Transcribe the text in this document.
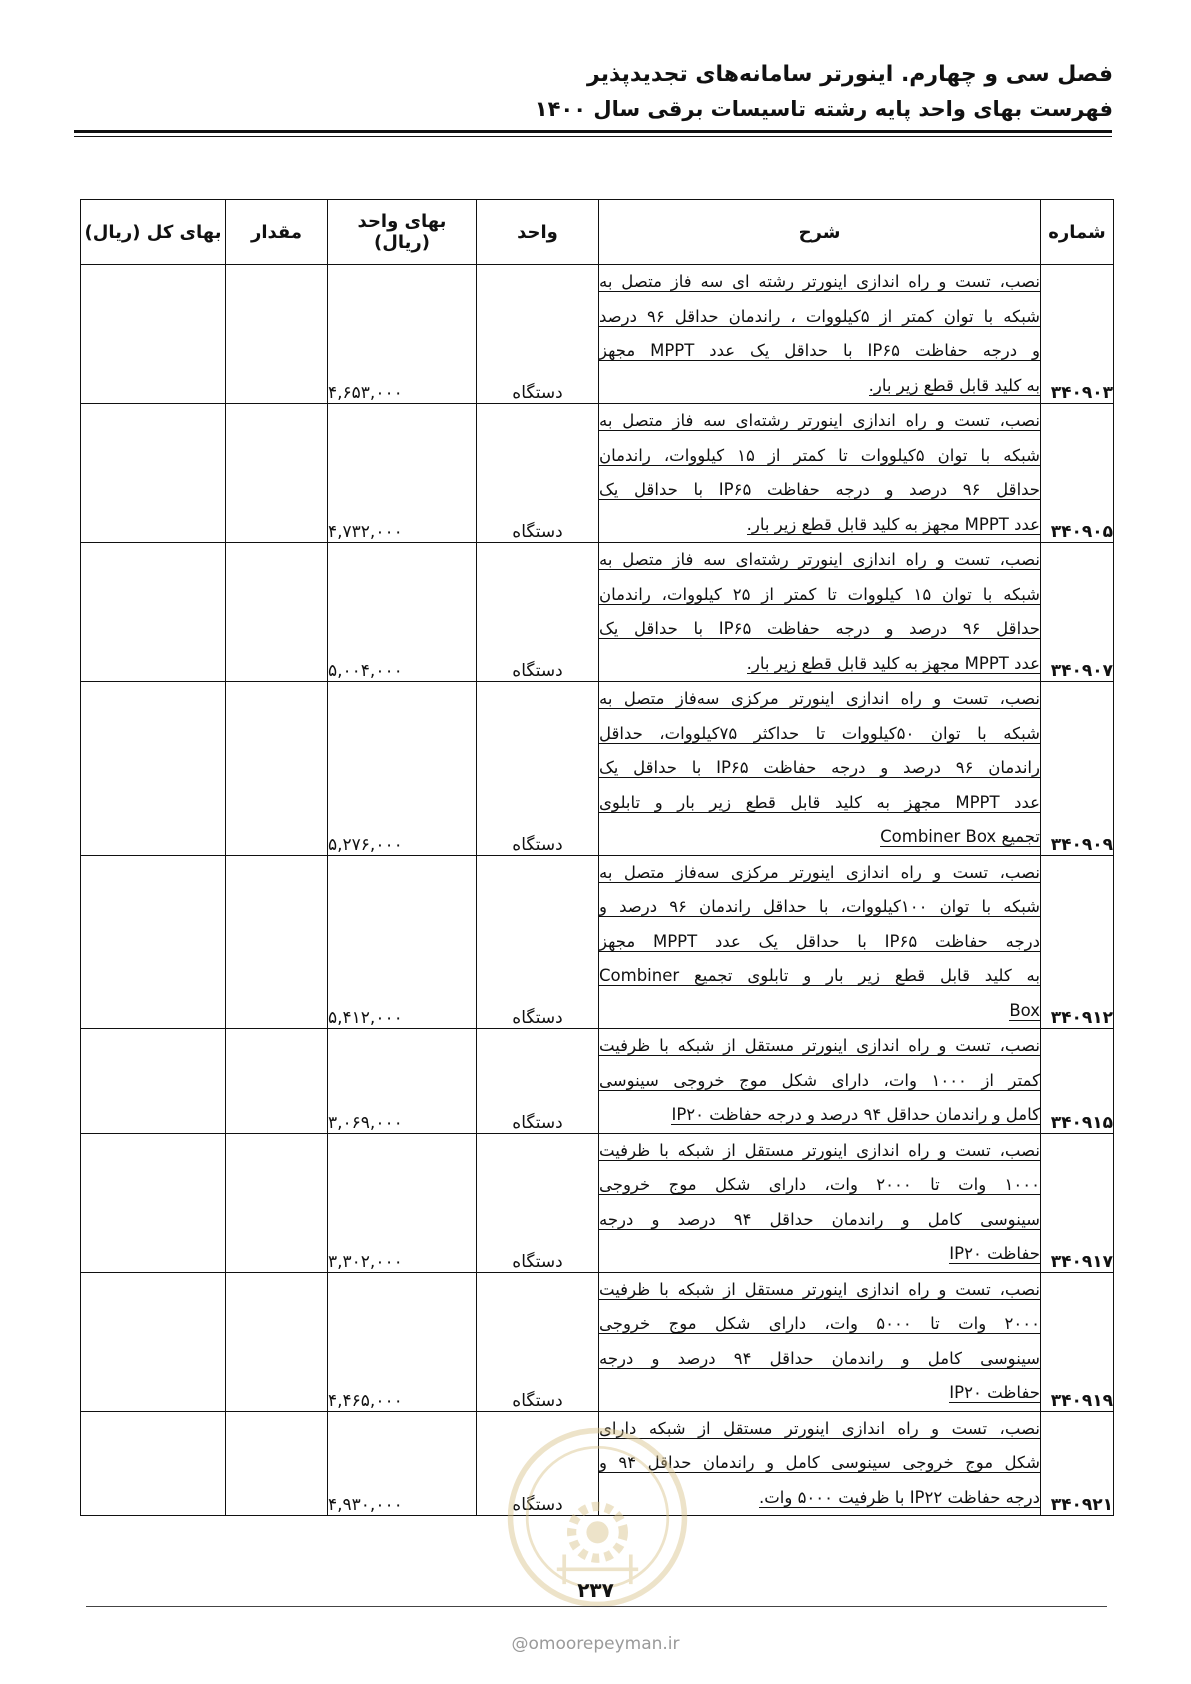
فصل سی و چهارم. اینورتر سامانه‌های تجدیدپذیر
فهرست بهای واحد پایه رشته تاسیسات برقی سال ۱۴۰۰
شماره	شرح	واحد	بهای واحد (ریال)	مقدار	بهای کل (ریال)
۳۴۰۹۰۳	نصب، تست و راه اندازی اینورتر رشته ای سه فاز متصل به
شبکه با توان کمتر از ۵کیلووات ، راندمان حداقل ۹۶ درصد
و درجه حفاظت IP۶۵ با حداقل یک عدد MPPT مجهز
به کلید قابل قطع زیر بار.	دستگاه	۴,۶۵۳,۰۰۰		
۳۴۰۹۰۵	نصب، تست و راه اندازی اینورتر رشته‌ای سه فاز متصل به
شبکه با توان ۵کیلووات تا کمتر از ۱۵ کیلووات، راندمان
حداقل ۹۶ درصد و درجه حفاظت IP۶۵ با حداقل یک
عدد MPPT مجهز به کلید قابل قطع زیر بار.	دستگاه	۴,۷۳۲,۰۰۰		
۳۴۰۹۰۷	نصب، تست و راه اندازی اینورتر رشته‌ای سه فاز متصل به
شبکه با توان ۱۵ کیلووات تا کمتر از ۲۵ کیلووات، راندمان
حداقل ۹۶ درصد و درجه حفاظت IP۶۵ با حداقل یک
عدد MPPT مجهز به کلید قابل قطع زیر بار.	دستگاه	۵,۰۰۴,۰۰۰		
۳۴۰۹۰۹	نصب، تست و راه اندازی اینورتر مرکزی سه‌فاز متصل به
شبکه با توان ۵۰کیلووات تا حداکثر ۷۵کیلووات، حداقل
راندمان ۹۶ درصد و درجه حفاظت IP۶۵ با حداقل یک
عدد MPPT مجهز به کلید قابل قطع زیر بار و تابلوی
تجمیع Combiner Box	دستگاه	۵,۲۷۶,۰۰۰		
۳۴۰۹۱۲	نصب، تست و راه اندازی اینورتر مرکزی سه‌فاز متصل به
شبکه با توان ۱۰۰کیلووات، با حداقل راندمان ۹۶ درصد و
درجه حفاظت IP۶۵ با حداقل یک عدد MPPT مجهز
به کلید قابل قطع زیر بار و تابلوی تجمیع Combiner
Box	دستگاه	۵,۴۱۲,۰۰۰		
۳۴۰۹۱۵	نصب، تست و راه اندازی اینورتر مستقل از شبکه با ظرفیت
کمتر از ۱۰۰۰ وات، دارای شکل موج خروجی سینوسی
کامل و راندمان حداقل ۹۴ درصد و درجه حفاظت IP۲۰	دستگاه	۳,۰۶۹,۰۰۰		
۳۴۰۹۱۷	نصب، تست و راه اندازی اینورتر مستقل از شبکه با ظرفیت
۱۰۰۰ وات تا ۲۰۰۰ وات، دارای شکل موج خروجی
سینوسی کامل و راندمان حداقل ۹۴ درصد و درجه
حفاظت IP۲۰	دستگاه	۳,۳۰۲,۰۰۰		
۳۴۰۹۱۹	نصب، تست و راه اندازی اینورتر مستقل از شبکه با ظرفیت
۲۰۰۰ وات تا ۵۰۰۰ وات، دارای شکل موج خروجی
سینوسی کامل و راندمان حداقل ۹۴ درصد و درجه
حفاظت IP۲۰	دستگاه	۴,۴۶۵,۰۰۰		
۳۴۰۹۲۱	نصب، تست و راه اندازی اینورتر مستقل از شبکه دارای
شکل موج خروجی سینوسی کامل و راندمان حداقل ۹۴ و
درجه حفاظت IP۲۲ با ظرفیت ۵۰۰۰ وات.	دستگاه	۴,۹۳۰,۰۰۰		
۲۳۷
@omoorepeyman.ir
